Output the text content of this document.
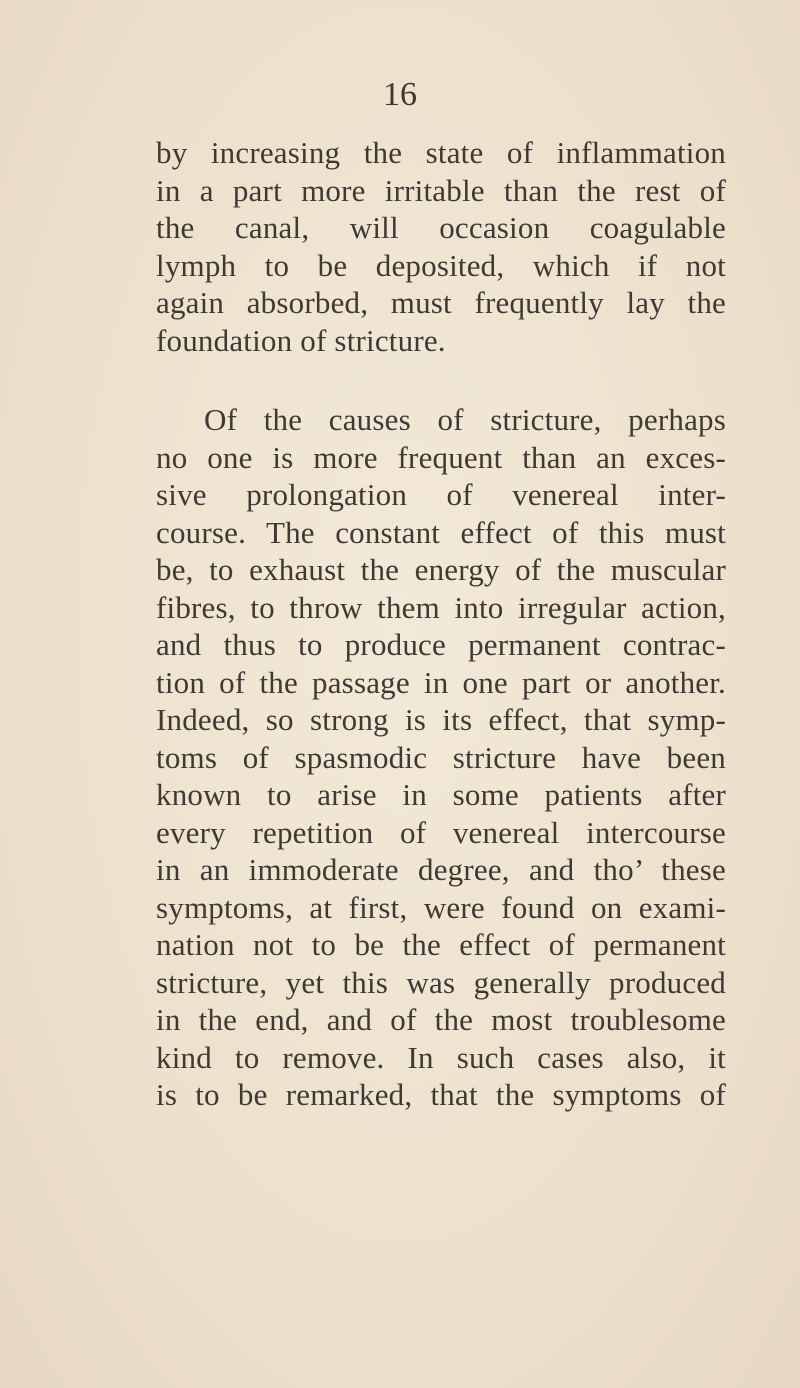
16
by increasing the state of inflammation
in a part more irritable than the rest of
the canal, will occasion coagulable
lymph to be deposited, which if not
again absorbed, must frequently lay the
foundation of stricture.
Of the causes of stricture, perhaps
no one is more frequent than an exces-
sive prolongation of venereal inter-
course. The constant effect of this must
be, to exhaust the energy of the muscular
fibres, to throw them into irregular action,
and thus to produce permanent contrac-
tion of the passage in one part or another.
Indeed, so strong is its effect, that symp-
toms of spasmodic stricture have been
known to arise in some patients after
every repetition of venereal intercourse
in an immoderate degree, and tho’ these
symptoms, at first, were found on exami-
nation not to be the effect of permanent
stricture, yet this was generally produced
in the end, and of the most troublesome
kind to remove. In such cases also, it
is to be remarked, that the symptoms of
